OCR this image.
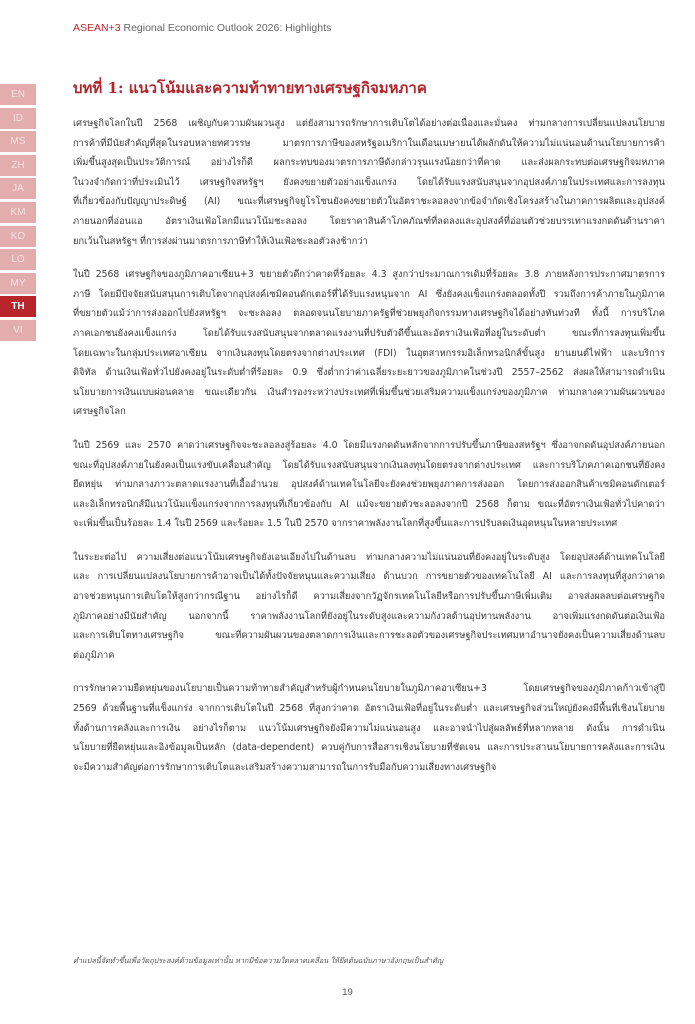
ASEAN+3 Regional Economic Outlook 2026: Highlights
EN
ID
MS
ZH
JA
KM
KO
LO
MY
TH
VI
บทที่ 1: แนวโน้มและความท้าทายทางเศรษฐกิจมหภาค
เศรษฐกิจโลกในปี 2568 เผชิญกับความผันผวนสูง แต่ยังสามารถรักษาการเติบโตได้อย่างต่อเนื่องและมั่นคง ท่ามกลางการเปลี่ยนแปลงนโยบาย
การค้าที่มีนัยสำคัญที่สุดในรอบหลายทศวรรษ มาตรการภาษีของสหรัฐอเมริกาในเดือนเมษายนได้ผลักดันให้ความไม่แน่นอนด้านนโยบายการค้า
เพิ่มขึ้นสูงสุดเป็นประวัติการณ์ อย่างไรก็ดี ผลกระทบของมาตรการภาษีดังกล่าวรุนแรงน้อยกว่าที่คาด และส่งผลกระทบต่อเศรษฐกิจมหภาค
ในวงจำกัดกว่าที่ประเมินไว้ เศรษฐกิจสหรัฐฯ ยังคงขยายตัวอย่างแข็งแกร่ง โดยได้รับแรงสนับสนุนจากอุปสงค์ภายในประเทศและการลงทุน
ที่เกี่ยวข้องกับปัญญาประดิษฐ์ (AI) ขณะที่เศรษฐกิจยูโรโซนยังคงขยายตัวในอัตราชะลอลงจากข้อจำกัดเชิงโครงสร้างในภาคการผลิตและอุปสงค์
ภายนอกที่อ่อนแอ อัตราเงินเฟ้อโลกมีแนวโน้มชะลอลง โดยราคาสินค้าโภคภัณฑ์ที่ลดลงและอุปสงค์ที่อ่อนตัวช่วยบรรเทาแรงกดดันด้านราคา
ยกเว้นในสหรัฐฯ ที่การส่งผ่านมาตรการภาษีทำให้เงินเฟ้อชะลอตัวลงช้ากว่า
ในปี 2568 เศรษฐกิจของภูมิภาคอาเซียน+3 ขยายตัวดีกว่าคาดที่ร้อยละ 4.3 สูงกว่าประมาณการเดิมที่ร้อยละ 3.8 ภายหลังการประกาศมาตรการ
ภาษี โดยมีปัจจัยสนับสนุนการเติบโตจากอุปสงค์เซมิคอนดักเตอร์ที่ได้รับแรงหนุนจาก AI ซึ่งยังคงแข็งแกร่งตลอดทั้งปี รวมถึงการค้าภายในภูมิภาค
ที่ขยายตัวแม้ว่าการส่งออกไปยังสหรัฐฯ จะชะลอลง ตลอดจนนโยบายภาครัฐที่ช่วยพยุงกิจกรรมทางเศรษฐกิจได้อย่างทันท่วงที ทั้งนี้ การบริโภค
ภาคเอกชนยังคงแข็งแกร่ง โดยได้รับแรงสนับสนุนจากตลาดแรงงานที่ปรับตัวดีขึ้นและอัตราเงินเฟ้อที่อยู่ในระดับต่ำ ขณะที่การลงทุนเพิ่มขึ้น
โดยเฉพาะในกลุ่มประเทศอาเซียน จากเงินลงทุนโดยตรงจากต่างประเทศ (FDI) ในอุตสาหกรรมอิเล็กทรอนิกส์ขั้นสูง ยานยนต์ไฟฟ้า และบริการ
ดิจิทัล ด้านเงินเฟ้อทั่วไปยังคงอยู่ในระดับต่ำที่ร้อยละ 0.9 ซึ่งต่ำกว่าค่าเฉลี่ยระยะยาวของภูมิภาคในช่วงปี 2557–2562 ส่งผลให้สามารถดำเนิน
นโยบายการเงินแบบผ่อนคลาย ขณะเดียวกัน เงินสำรองระหว่างประเทศที่เพิ่มขึ้นช่วยเสริมความแข็งแกร่งของภูมิภาค ท่ามกลางความผันผวนของ
เศรษฐกิจโลก
ในปี 2569 และ 2570 คาดว่าเศรษฐกิจจะชะลอลงสู่ร้อยละ 4.0 โดยมีแรงกดดันหลักจากการปรับขึ้นภาษีของสหรัฐฯ ซึ่งอาจกดดันอุปสงค์ภายนอก
ขณะที่อุปสงค์ภายในยังคงเป็นแรงขับเคลื่อนสำคัญ โดยได้รับแรงสนับสนุนจากเงินลงทุนโดยตรงจากต่างประเทศ และการบริโภคภาคเอกชนที่ยังคง
ยืดหยุ่น ท่ามกลางภาวะตลาดแรงงานที่เอื้ออำนวย อุปสงค์ด้านเทคโนโลยีจะยังคงช่วยพยุงภาคการส่งออก โดยการส่งออกสินค้าเซมิคอนดักเตอร์
และอิเล็กทรอนิกส์มีแนวโน้มแข็งแกร่งจากการลงทุนที่เกี่ยวข้องกับ AI แม้จะขยายตัวชะลอลงจากปี 2568 ก็ตาม ขณะที่อัตราเงินเฟ้อทั่วไปคาดว่า
จะเพิ่มขึ้นเป็นร้อยละ 1.4 ในปี 2569 และร้อยละ 1.5 ในปี 2570 จากราคาพลังงานโลกที่สูงขึ้นและการปรับลดเงินอุดหนุนในหลายประเทศ
ในระยะต่อไป ความเสี่ยงต่อแนวโน้มเศรษฐกิจยังเอนเอียงไปในด้านลบ ท่ามกลางความไม่แน่นอนที่ยังคงอยู่ในระดับสูง โดยอุปสงค์ด้านเทคโนโลยี
และ การเปลี่ยนแปลงนโยบายการค้าอาจเป็นได้ทั้งปัจจัยหนุนและความเสี่ยง ด้านบวก การขยายตัวของเทคโนโลยี AI และการลงทุนที่สูงกว่าคาด
อาจช่วยหนุนการเติบโตให้สูงกว่ากรณีฐาน อย่างไรก็ดี ความเสี่ยงจากวัฏจักรเทคโนโลยีหรือการปรับขึ้นภาษีเพิ่มเติม อาจส่งผลลบต่อเศรษฐกิจ
ภูมิภาคอย่างมีนัยสำคัญ นอกจากนี้ ราคาพลังงานโลกที่ยังอยู่ในระดับสูงและความกังวลด้านอุปทานพลังงาน อาจเพิ่มแรงกดดันต่อเงินเฟ้อ
และการเติบโตทางเศรษฐกิจ ขณะที่ความผันผวนของตลาดการเงินและการชะลอตัวของเศรษฐกิจประเทศมหาอำนาจยังคงเป็นความเสี่ยงด้านลบ
ต่อภูมิภาค
การรักษาความยืดหยุ่นของนโยบายเป็นความท้าทายสำคัญสำหรับผู้กำหนดนโยบายในภูมิภาคอาเซียน+3 โดยเศรษฐกิจของภูมิภาคก้าวเข้าสู่ปี
2569 ด้วยพื้นฐานที่แข็งแกร่ง จากการเติบโตในปี 2568 ที่สูงกว่าคาด อัตราเงินเฟ้อที่อยู่ในระดับต่ำ และเศรษฐกิจส่วนใหญ่ยังคงมีพื้นที่เชิงนโยบาย
ทั้งด้านการคลังและการเงิน อย่างไรก็ตาม แนวโน้มเศรษฐกิจยังมีความไม่แน่นอนสูง และอาจนำไปสู่ผลลัพธ์ที่หลากหลาย ดังนั้น การดำเนิน
นโยบายที่ยืดหยุ่นและอิงข้อมูลเป็นหลัก (data-dependent) ควบคู่กับการสื่อสารเชิงนโยบายที่ชัดเจน และการประสานนโยบายการคลังและการเงิน
จะมีความสำคัญต่อการรักษาการเติบโตและเสริมสร้างความสามารถในการรับมือกับความเสี่ยงทางเศรษฐกิจ
คำแปลนี้จัดทำขึ้นเพื่อวัตถุประสงค์ด้านข้อมูลเท่านั้น หากมีข้อความใดคลาดเคลื่อน ให้ยึดต้นฉบับภาษาอังกฤษเป็นสำคัญ
19
